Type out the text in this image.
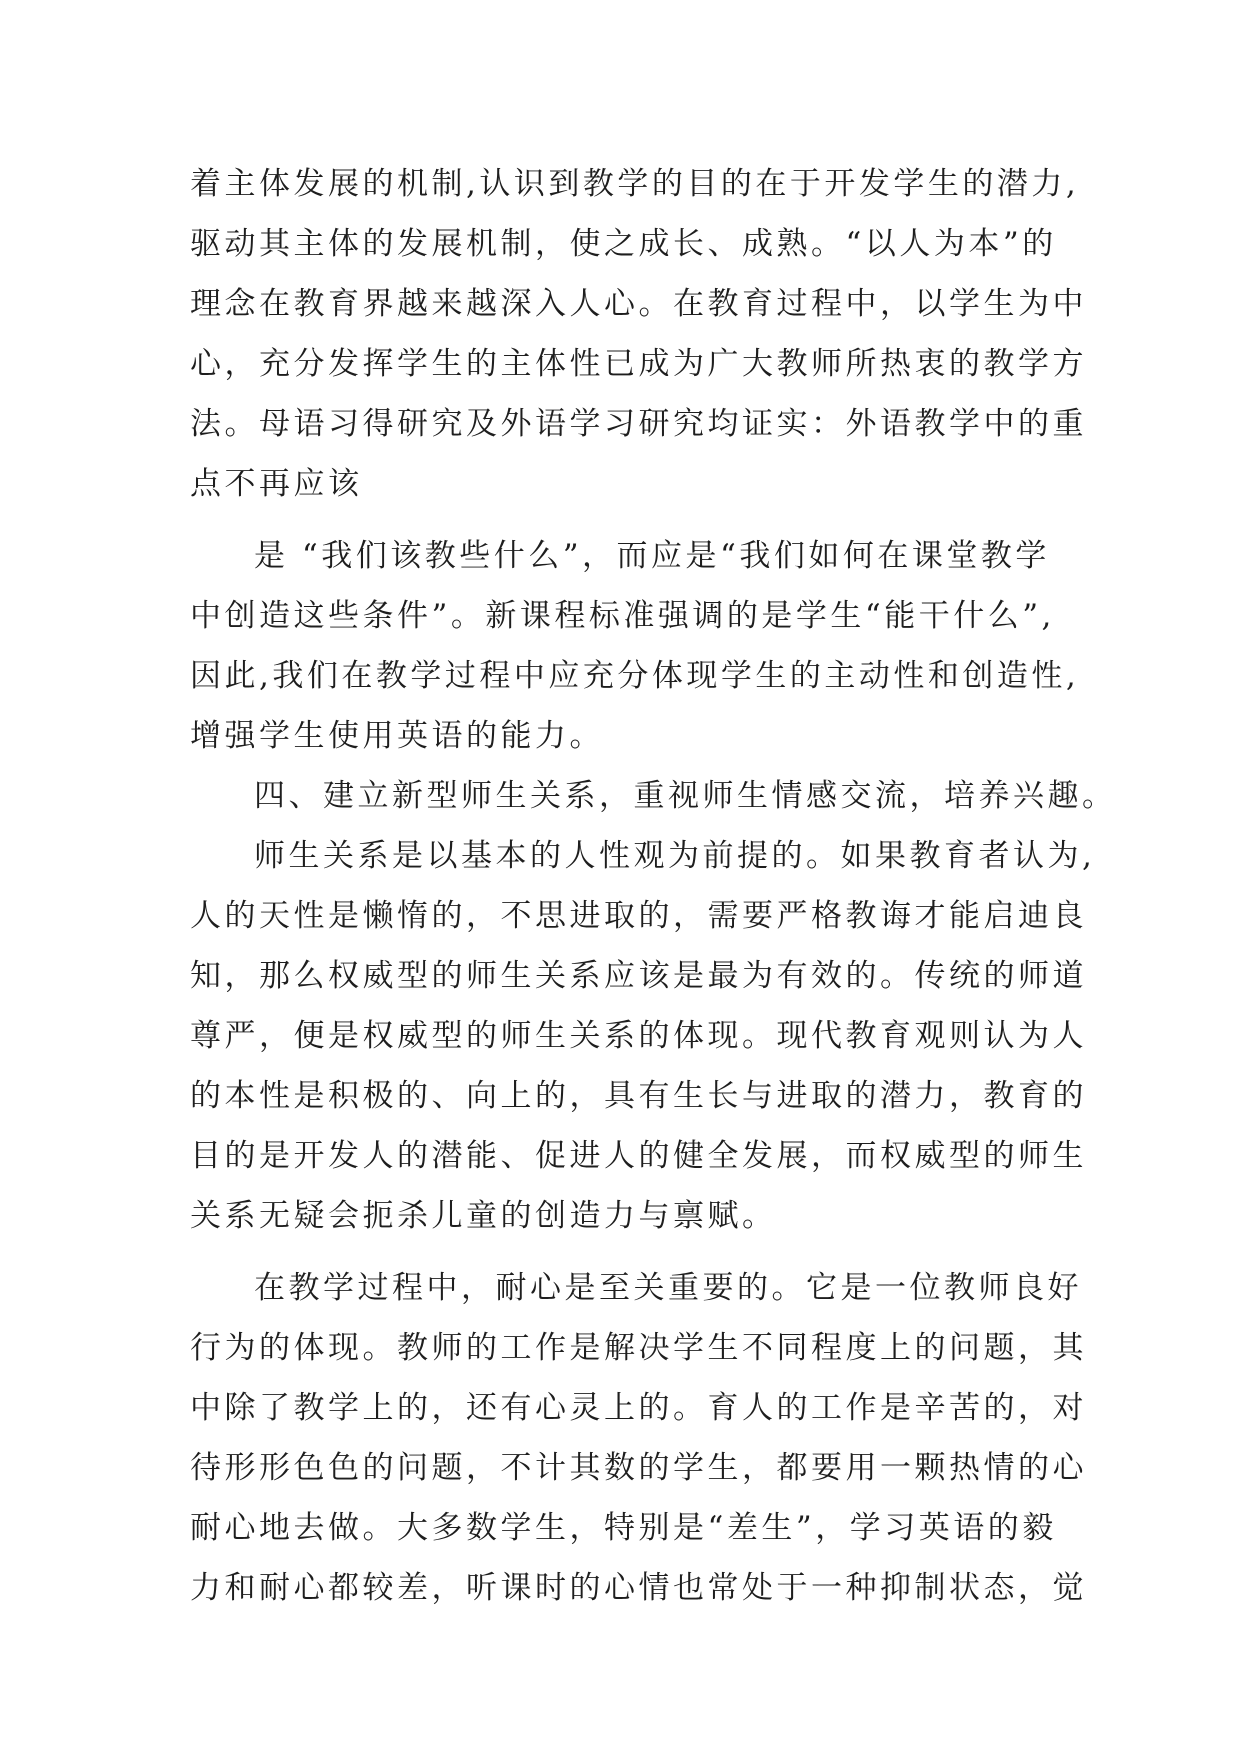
着主体发展的机制,认识到教学的目的在于开发学生的潜力,
驱动其主体的发展机制，使之成长、成熟。“以人为本”的
理念在教育界越来越深入人心。在教育过程中，以学生为中
心，充分发挥学生的主体性已成为广大教师所热衷的教学方
法。母语习得研究及外语学习研究均证实：外语教学中的重
点不再应该
是 “我们该教些什么”，而应是“我们如何在课堂教学
中创造这些条件”。新课程标准强调的是学生“能干什么”,
因此,我们在教学过程中应充分体现学生的主动性和创造性,
增强学生使用英语的能力。
四、建立新型师生关系，重视师生情感交流，培养兴趣。
师生关系是以基本的人性观为前提的。如果教育者认为,
人的天性是懒惰的，不思进取的，需要严格教诲才能启迪良
知，那么权威型的师生关系应该是最为有效的。传统的师道
尊严，便是权威型的师生关系的体现。现代教育观则认为人
的本性是积极的、向上的，具有生长与进取的潜力，教育的
目的是开发人的潜能、促进人的健全发展，而权威型的师生
关系无疑会扼杀儿童的创造力与禀赋。
在教学过程中，耐心是至关重要的。它是一位教师良好
行为的体现。教师的工作是解决学生不同程度上的问题，其
中除了教学上的，还有心灵上的。育人的工作是辛苦的，对
待形形色色的问题，不计其数的学生，都要用一颗热情的心
耐心地去做。大多数学生，特别是“差生”，学习英语的毅
力和耐心都较差，听课时的心情也常处于一种抑制状态，觉
